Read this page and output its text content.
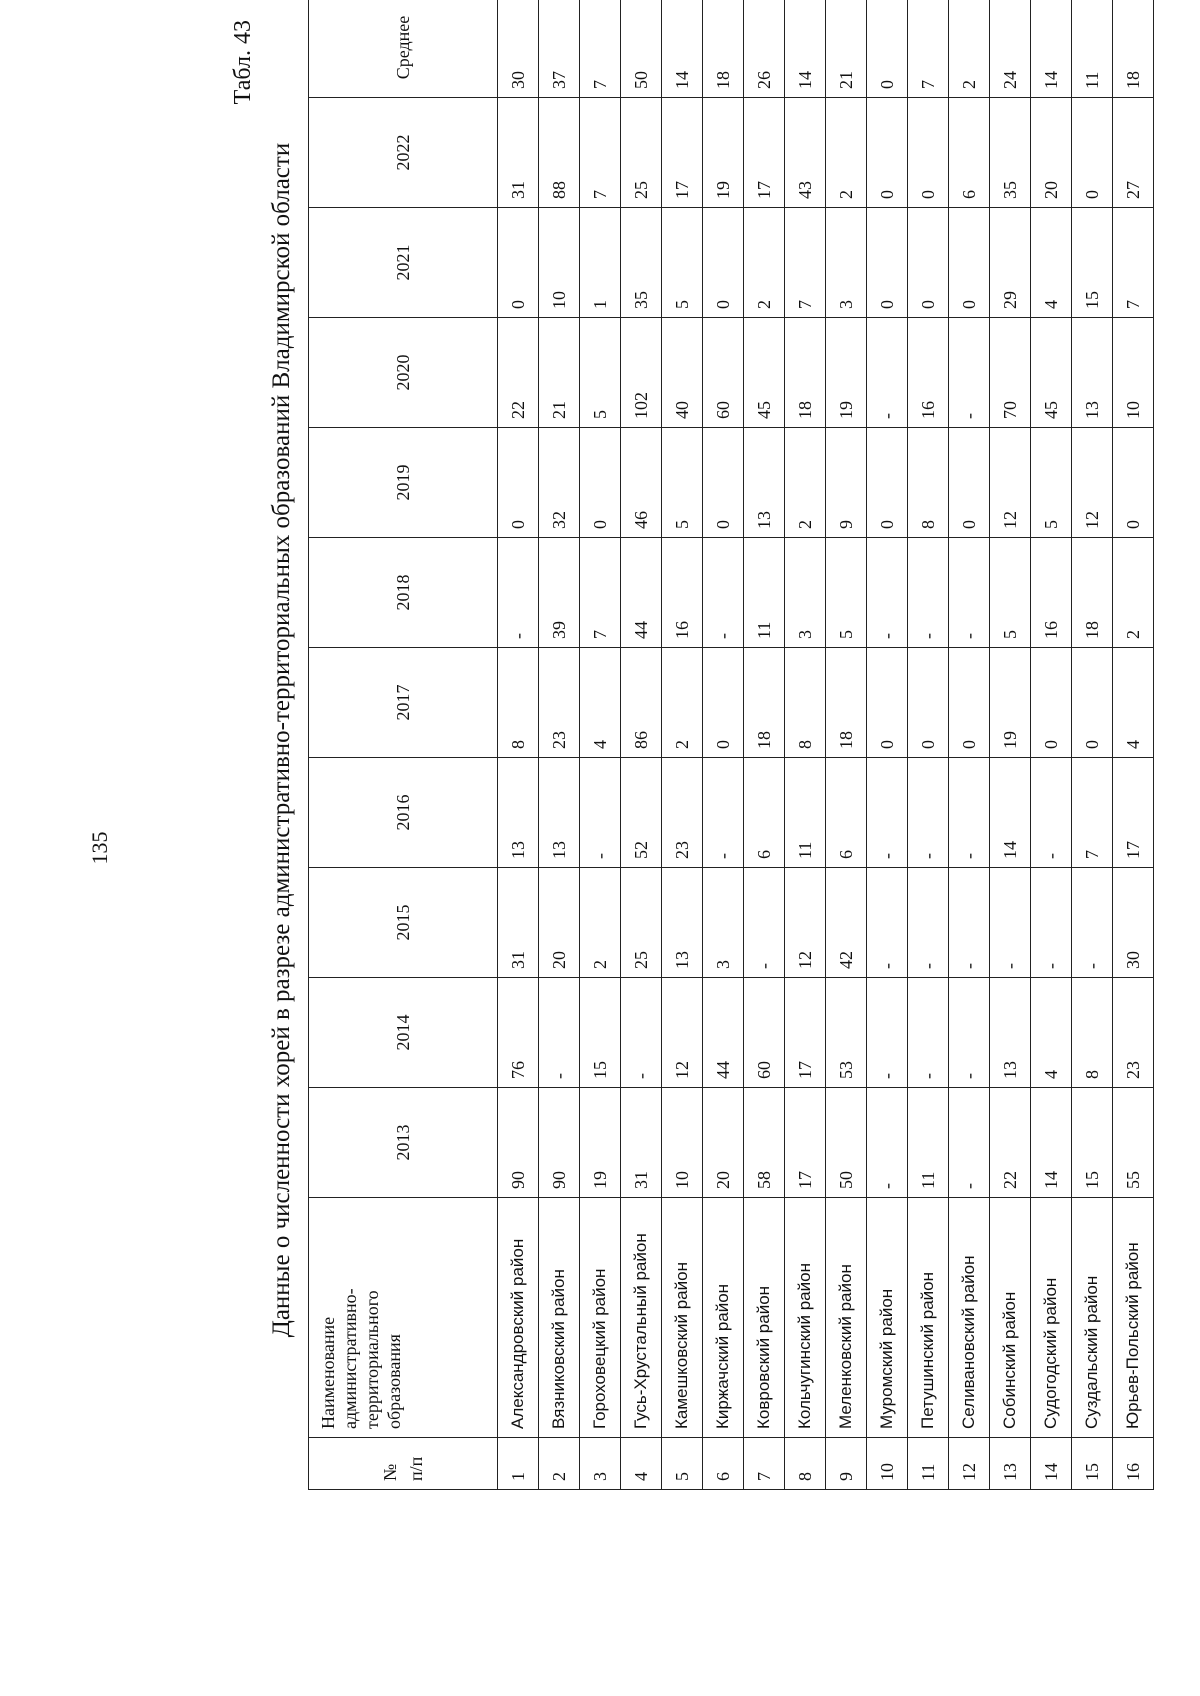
135
Табл. 43
Данные о численности хорей в разрезе административно-территориальных образований Владимирской области
№ п/п	Наименование административно-территориального образования	2013	2014	2015	2016	2017	2018	2019	2020	2021	2022	Среднее
1	Александровский район	90	76	31	13	8	-	0	22	0	31	30
2	Вязниковский район	90	-	20	13	23	39	32	21	10	88	37
3	Гороховецкий район	19	15	2	-	4	7	0	5	1	7	7
4	Гусь-Хрустальный район	31	-	25	52	86	44	46	102	35	25	50
5	Камешковский район	10	12	13	23	2	16	5	40	5	17	14
6	Киржачский район	20	44	3	-	0	-	0	60	0	19	18
7	Ковровский район	58	60	-	6	18	11	13	45	2	17	26
8	Кольчугинский район	17	17	12	11	8	3	2	18	7	43	14
9	Меленковский район	50	53	42	6	18	5	9	19	3	2	21
10	Муромский район	-	-	-	-	0	-	0	-	0	0	0
11	Петушинский район	11	-	-	-	0	-	8	16	0	0	7
12	Селивановский район	-	-	-	-	0	-	0	-	0	6	2
13	Собинский район	22	13	-	14	19	5	12	70	29	35	24
14	Судогодский район	14	4	-	-	0	16	5	45	4	20	14
15	Суздальский район	15	8	-	7	0	18	12	13	15	0	11
16	Юрьев-Польский район	55	23	30	17	4	2	0	10	7	27	18
